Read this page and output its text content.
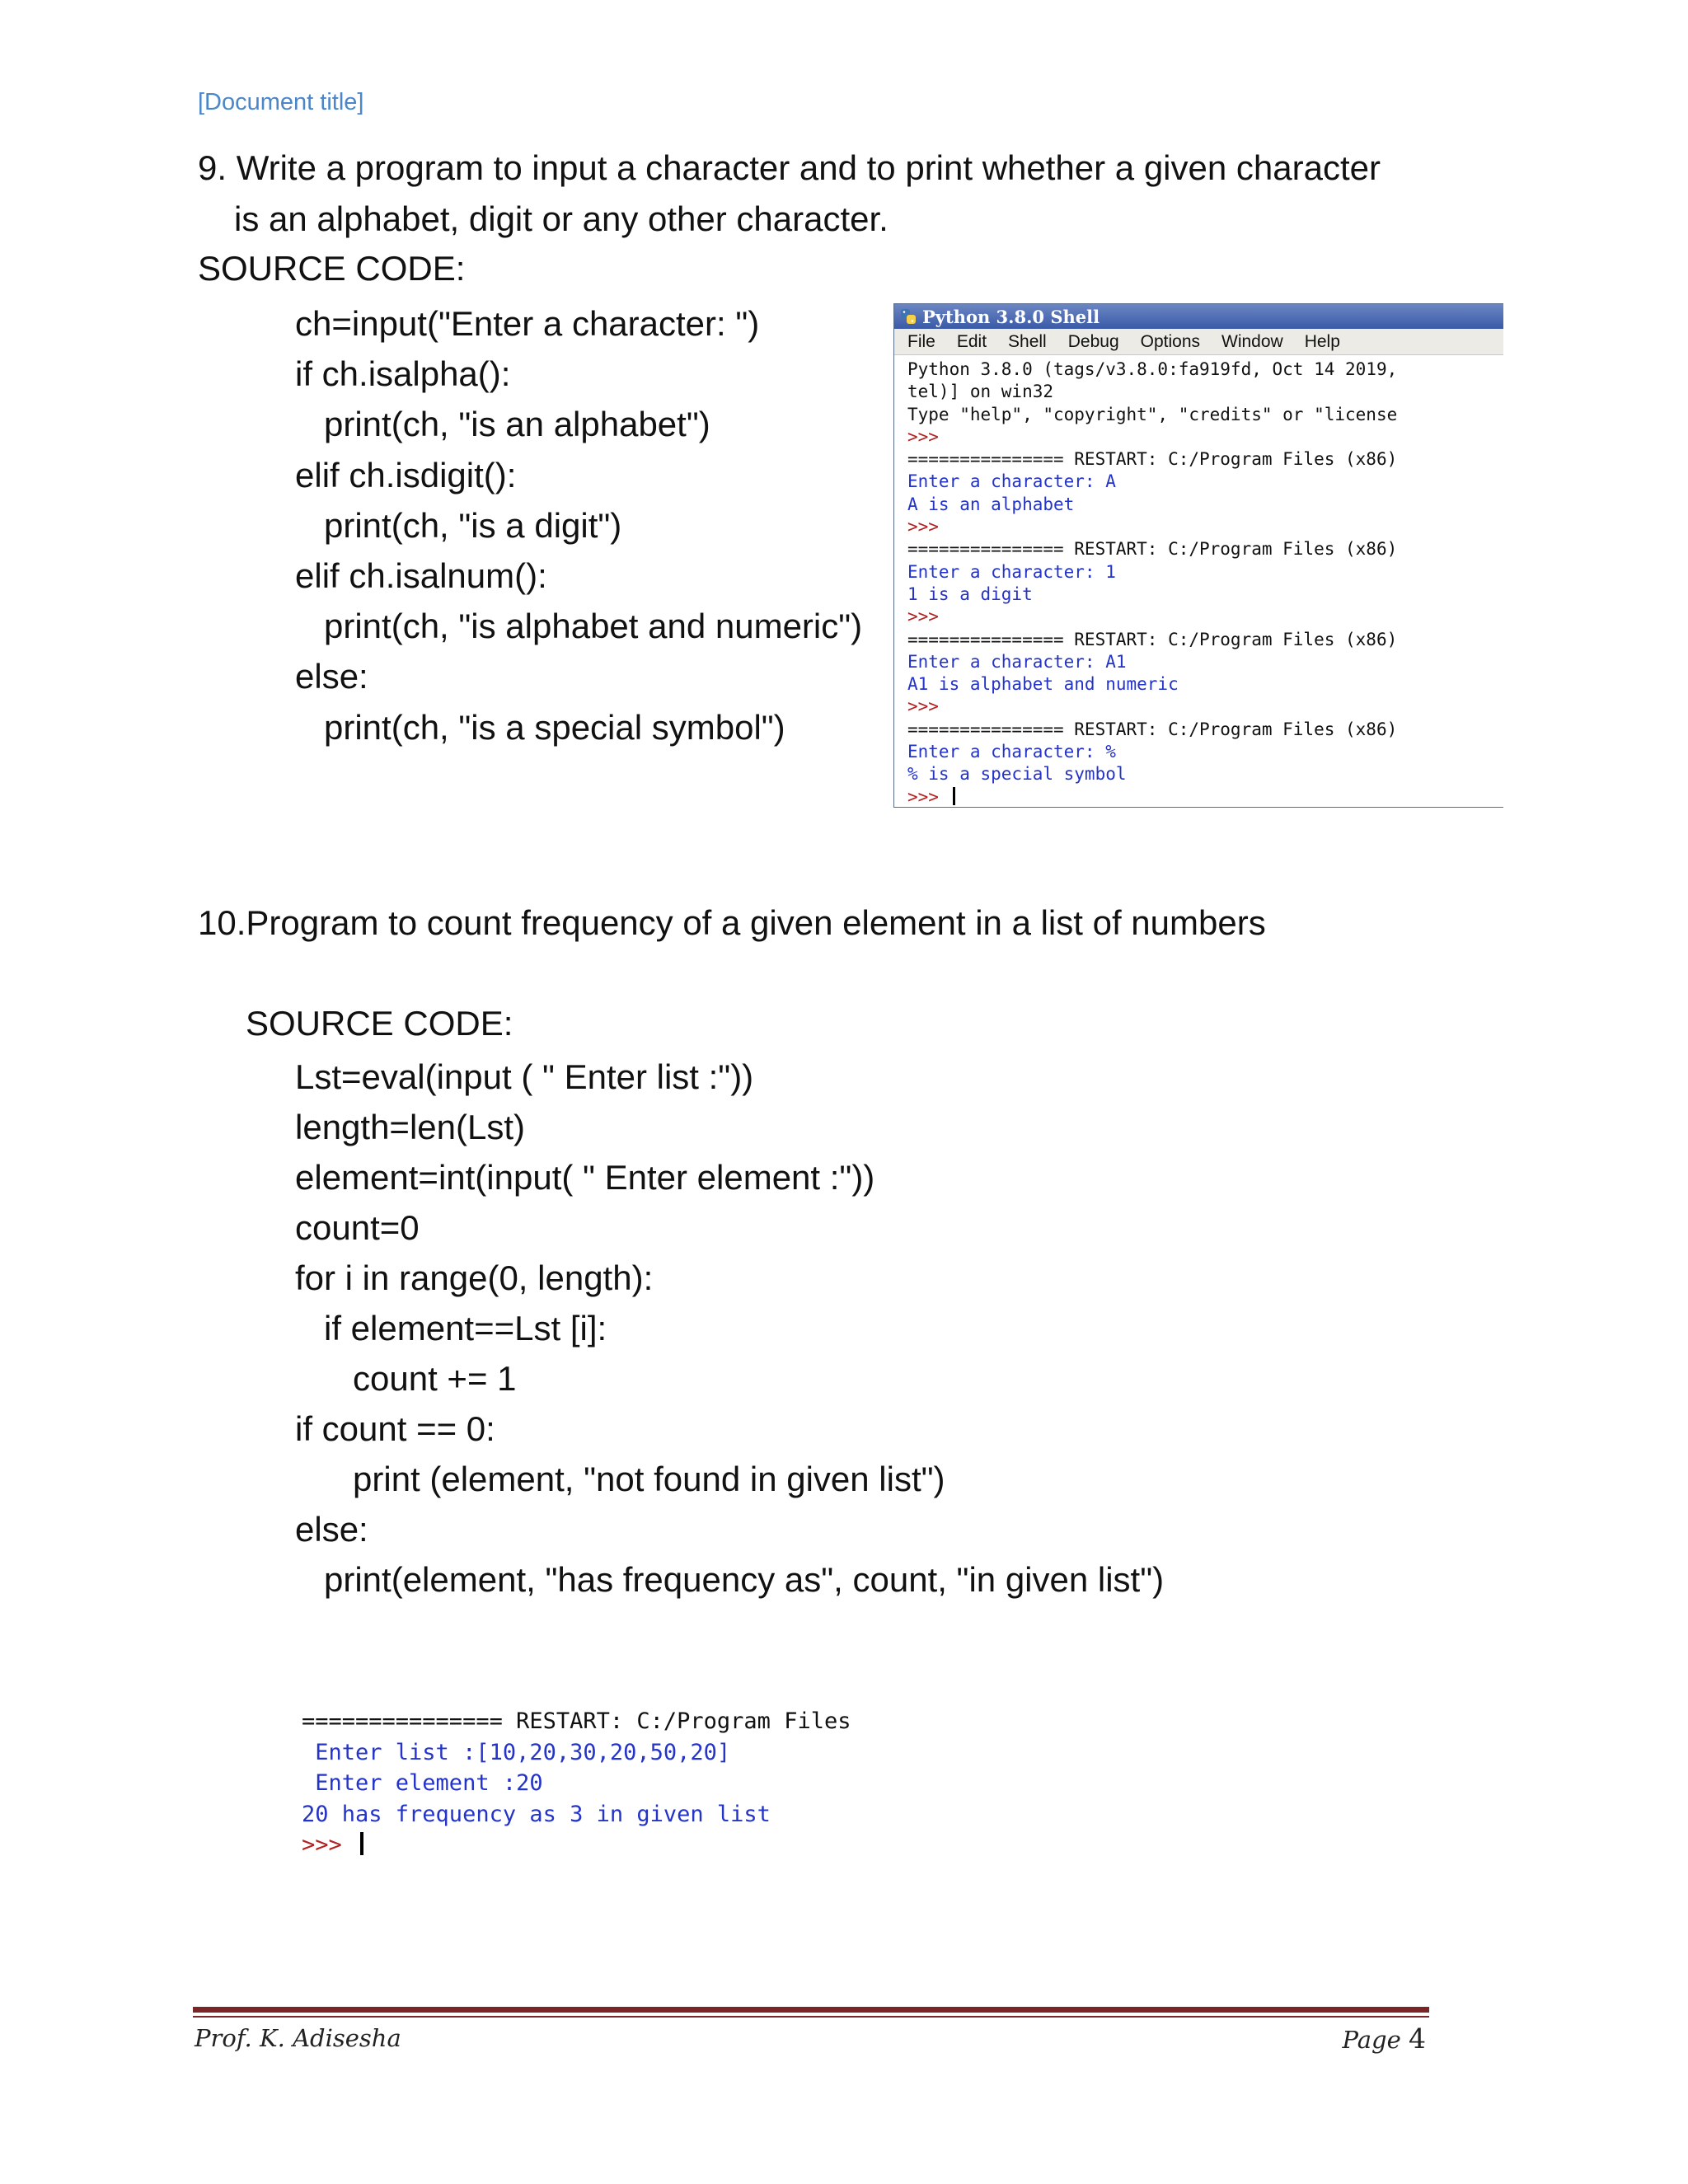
[Document title]
9. Write a program to input a character and to print whether a given character
is an alphabet, digit or any other character.
SOURCE CODE:
ch=input("Enter a character: ")
if ch.isalpha():
print(ch, "is an alphabet")
elif ch.isdigit():
print(ch, "is a digit")
elif ch.isalnum():
print(ch, "is alphabet and numeric")
else:
print(ch, "is a special symbol")
Python 3.8.0 Shell
File Edit Shell Debug Options Window Help
Python 3.8.0 (tags/v3.8.0:fa919fd, Oct 14 2019,
tel)] on win32
Type "help", "copyright", "credits" or "license
>>>
=============== RESTART: C:/Program Files (x86)
Enter a character: A
A is an alphabet
>>>
=============== RESTART: C:/Program Files (x86)
Enter a character: 1
1 is a digit
>>>
=============== RESTART: C:/Program Files (x86)
Enter a character: A1
A1 is alphabet and numeric
>>>
=============== RESTART: C:/Program Files (x86)
Enter a character: %
% is a special symbol
>>>
10.Program to count frequency of a given element in a list of numbers
SOURCE CODE:
Lst=eval(input ( " Enter list :"))
length=len(Lst)
element=int(input( " Enter element :"))
count=0
for i in range(0, length):
if element==Lst [i]:
count += 1
if count == 0:
print (element, "not found in given list")
else:
print(element, "has frequency as", count, "in given list")
=============== RESTART: C:/Program Files
Enter list :[10,20,30,20,50,20]
Enter element :20
20 has frequency as 3 in given list
>>>
Prof. K. Adisesha	Page 4
